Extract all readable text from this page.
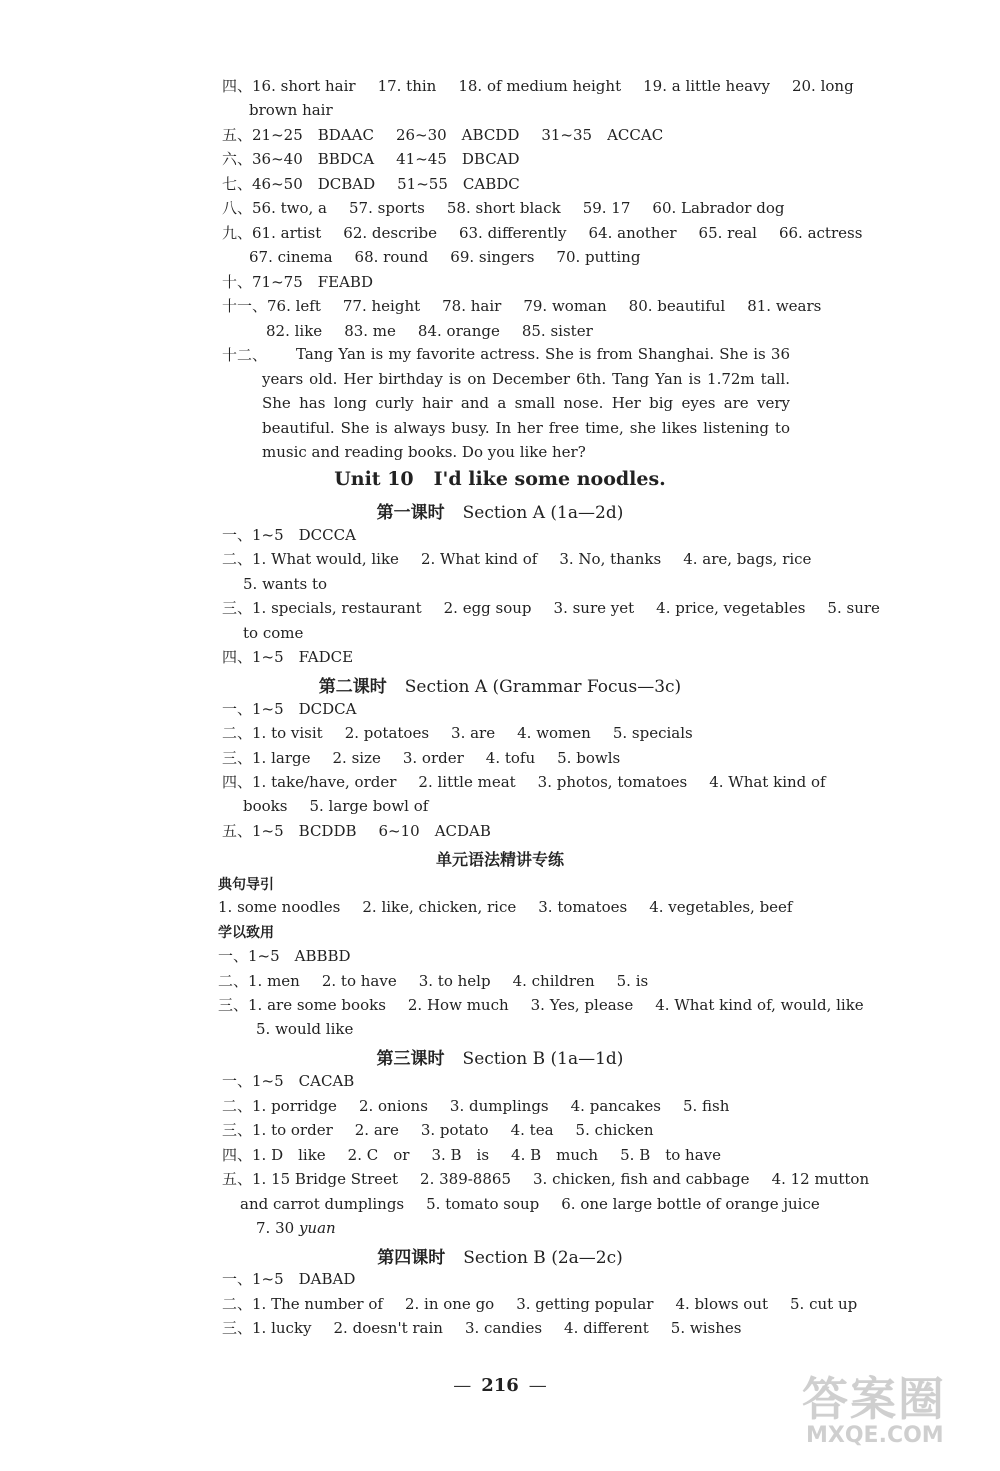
四、16. short hair 17. thin 18. of medium height 19. a little heavy 20. long
brown hair
五、21~25　BDAAC 26~30　ABCDD 31~35　ACCAC
六、36~40　BBDCA 41~45　DBCAD
七、46~50　DCBAD 51~55　CABDC
八、56. two, a 57. sports 58. short black 59. 17 60. Labrador dog
九、61. artist 62. describe 63. differently 64. another 65. real 66. actress
67. cinema 68. round 69. singers 70. putting
十、71~75　FEABD
十一、76. left 77. height 78. hair 79. woman 80. beautiful 81. wears
82. like 83. me 84. orange 85. sister
十二、	Tang Yan is my favorite actress. She is from Shanghai. She is 36 years old. Her birthday is on December 6th. Tang Yan is 1.72m tall. She has long curly hair and a small nose. Her big eyes are very beautiful. She is always busy. In her free time, she likes listening to music and reading books. Do you like her?
Unit 10 I'd like some noodles.
第一课时 Section A (1a—2d)
一、1~5　DCCCA
二、1. What would, like 2. What kind of 3. No, thanks 4. are, bags, rice
5. wants to
三、1. specials, restaurant 2. egg soup 3. sure yet 4. price, vegetables 5. sure
to come
四、1~5　FADCE
第二课时 Section A (Grammar Focus—3c)
一、1~5　DCDCA
二、1. to visit 2. potatoes 3. are 4. women 5. specials
三、1. large 2. size 3. order 4. tofu 5. bowls
四、1. take/have, order 2. little meat 3. photos, tomatoes 4. What kind of
books 5. large bowl of
五、1~5　BCDDB 6~10　ACDAB
单元语法精讲专练
典句导引
1. some noodles 2. like, chicken, rice 3. tomatoes 4. vegetables, beef
学以致用
一、1~5　ABBBD
二、1. men 2. to have 3. to help 4. children 5. is
三、1. are some books 2. How much 3. Yes, please 4. What kind of, would, like
5. would like
第三课时 Section B (1a—1d)
一、1~5　CACAB
二、1. porridge 2. onions 3. dumplings 4. pancakes 5. fish
三、1. to order 2. are 3. potato 4. tea 5. chicken
四、1. D　like 2. C　or 3. B　is 4. B　much 5. B　to have
五、1. 15 Bridge Street 2. 389-8865 3. chicken, fish and cabbage 4. 12 mutton
and carrot dumplings 5. tomato soup 6. one large bottle of orange juice
7. 30 yuan
第四课时 Section B (2a—2c)
一、1~5　DABAD
二、1. The number of 2. in one go 3. getting popular 4. blows out 5. cut up
三、1. lucky 2. doesn't rain 3. candies 4. different 5. wishes
— 216 —	答案圈
MXQE.COM
